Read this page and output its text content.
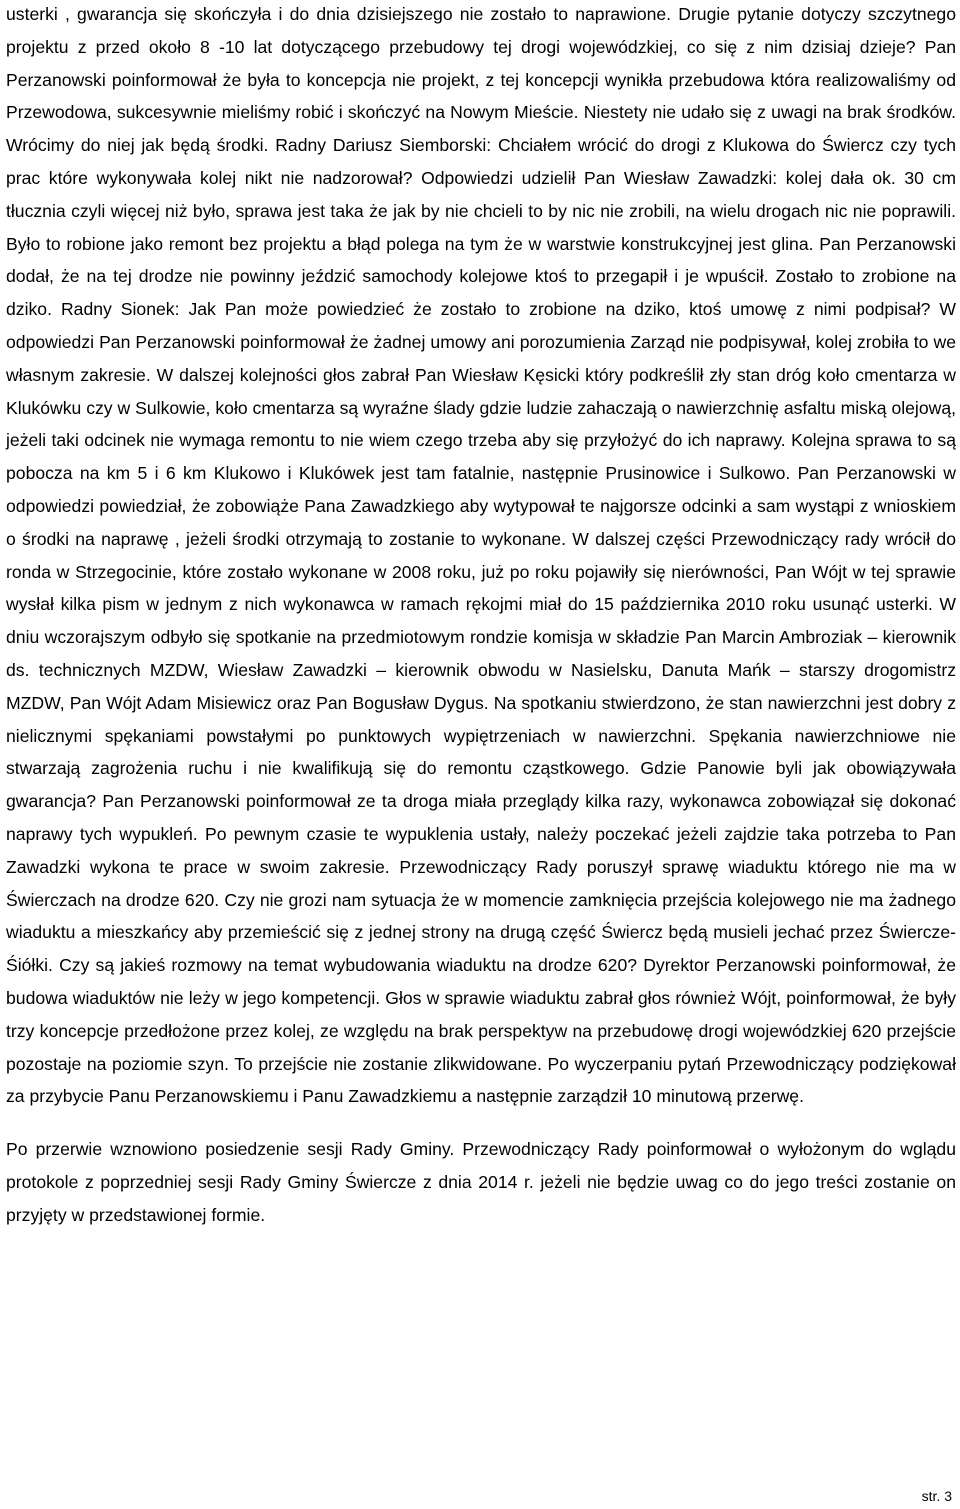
usterki , gwarancja się skończyła i do dnia dzisiejszego nie zostało to naprawione. Drugie pytanie dotyczy szczytnego projektu z przed około 8 -10 lat dotyczącego przebudowy tej drogi wojewódzkiej, co się z nim dzisiaj dzieje? Pan Perzanowski poinformował że była to koncepcja nie projekt, z tej koncepcji wynikła przebudowa która realizowaliśmy od Przewodowa, sukcesywnie mieliśmy robić i skończyć na Nowym Mieście. Niestety nie udało się z uwagi na brak środków. Wrócimy do niej jak będą środki. Radny Dariusz Siemborski: Chciałem wrócić do drogi z Klukowa do Świercz czy tych prac które wykonywała kolej nikt nie nadzorował? Odpowiedzi udzielił Pan Wiesław Zawadzki: kolej dała ok. 30 cm tłucznia czyli więcej niż było, sprawa jest taka że jak by nie chcieli to by nic nie zrobili, na wielu drogach nic nie poprawili. Było to robione jako remont bez projektu a błąd polega na tym że w warstwie konstrukcyjnej jest glina. Pan Perzanowski dodał, że na tej drodze nie powinny jeździć samochody kolejowe ktoś to przegapił i je wpuścił. Zostało to zrobione na dziko. Radny Sionek: Jak Pan może powiedzieć że zostało to zrobione na dziko, ktoś umowę z nimi podpisał? W odpowiedzi Pan Perzanowski poinformował że żadnej umowy ani porozumienia Zarząd nie podpisywał, kolej zrobiła to we własnym zakresie. W dalszej kolejności głos zabrał Pan Wiesław Kęsicki który podkreślił zły stan dróg koło cmentarza w Klukówku czy w Sulkowie, koło cmentarza są wyraźne ślady gdzie ludzie zahaczają o nawierzchnię asfaltu miską olejową, jeżeli taki odcinek nie wymaga remontu to nie wiem czego trzeba aby się przyłożyć do ich naprawy. Kolejna sprawa to są pobocza na km 5 i 6 km Klukowo i Klukówek jest tam fatalnie, następnie Prusinowice i Sulkowo. Pan Perzanowski w odpowiedzi powiedział, że zobowiąże Pana Zawadzkiego aby wytypował te najgorsze odcinki a sam wystąpi z wnioskiem o środki na naprawę , jeżeli środki otrzymają to zostanie to wykonane. W dalszej części Przewodniczący rady wrócił do ronda w Strzegocinie, które zostało wykonane w 2008 roku, już po roku pojawiły się nierówności, Pan Wójt w tej sprawie wysłał kilka pism w jednym z nich wykonawca w ramach rękojmi miał do 15 października 2010 roku usunąć usterki. W dniu wczorajszym odbyło się spotkanie na przedmiotowym rondzie komisja w składzie Pan Marcin Ambroziak – kierownik ds. technicznych MZDW, Wiesław Zawadzki – kierownik obwodu w Nasielsku, Danuta Mańk – starszy drogomistrz MZDW, Pan Wójt Adam Misiewicz oraz Pan Bogusław Dygus. Na spotkaniu stwierdzono, że stan nawierzchni jest dobry z nielicznymi spękaniami powstałymi po punktowych wypiętrzeniach w nawierzchni. Spękania nawierzchniowe nie stwarzają zagrożenia ruchu i nie kwalifikują się do remontu cząstkowego. Gdzie Panowie byli jak obowiązywała gwarancja? Pan Perzanowski poinformował ze ta droga miała przeglądy kilka razy, wykonawca zobowiązał się dokonać naprawy tych wypukleń. Po pewnym czasie te wypuklenia ustały, należy poczekać jeżeli zajdzie taka potrzeba to Pan Zawadzki wykona te prace w swoim zakresie. Przewodniczący Rady poruszył sprawę wiaduktu którego nie ma w Świerczach na drodze 620. Czy nie grozi nam sytuacja że w momencie zamknięcia przejścia kolejowego nie ma żadnego wiaduktu a mieszkańcy aby przemieścić się z jednej strony na drugą część Świercz będą musieli jechać przez Świercze- Śiółki. Czy są jakieś rozmowy na temat wybudowania wiaduktu na drodze 620? Dyrektor Perzanowski poinformował, że budowa wiaduktów nie leży w jego kompetencji. Głos w sprawie wiaduktu zabrał głos również Wójt, poinformował, że były trzy koncepcje przedłożone przez kolej, ze względu na brak perspektyw na przebudowę drogi wojewódzkiej 620 przejście pozostaje na poziomie szyn. To przejście nie zostanie zlikwidowane. Po wyczerpaniu pytań Przewodniczący podziękował za przybycie Panu Perzanowskiemu i Panu Zawadzkiemu a następnie zarządził 10 minutową przerwę.

Po przerwie wznowiono posiedzenie sesji Rady Gminy. Przewodniczący Rady poinformował o wyłożonym do wglądu protokole z poprzedniej sesji Rady Gminy Świercze z dnia 2014 r. jeżeli nie będzie uwag co do jego treści zostanie on przyjęty w przedstawionej formie.

str. 3
